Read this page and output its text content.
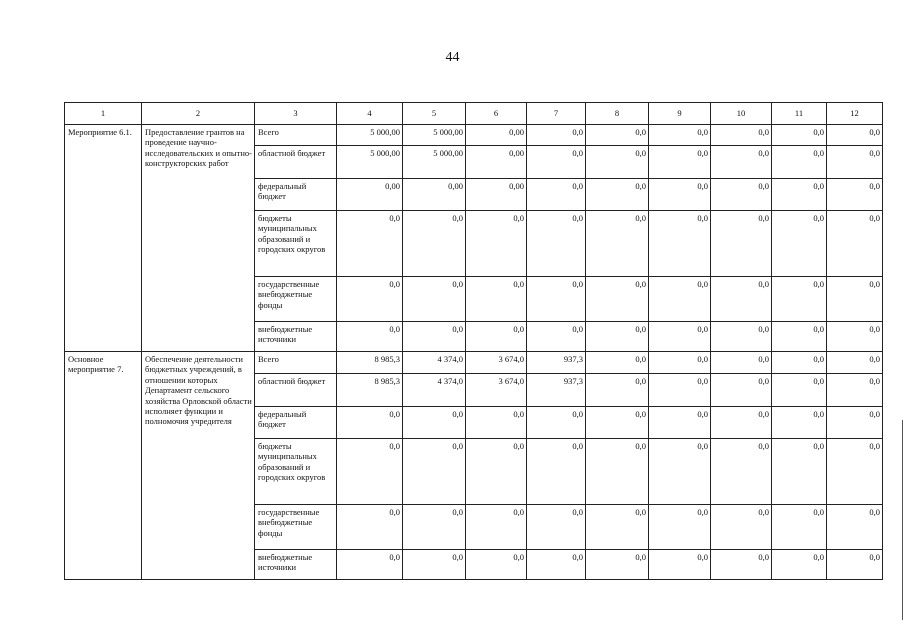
44
1	2	3	4	5	6	7	8	9	10	11	12
Мероприятие 6.1.	Предоставление грантов на проведение научно-исследовательских и опытно-конструкторских работ	Всего	5 000,00	5 000,00	0,00	0,0	0,0	0,0	0,0	0,0	0,0
		областной бюджет	5 000,00	5 000,00	0,00	0,0	0,0	0,0	0,0	0,0	0,0
		федеральный бюджет	0,00	0,00	0,00	0,0	0,0	0,0	0,0	0,0	0,0
		бюджеты муниципальных образований и городских округов	0,0	0,0	0,0	0,0	0,0	0,0	0,0	0,0	0,0
		государственные внебюджетные фонды	0,0	0,0	0,0	0,0	0,0	0,0	0,0	0,0	0,0
		внебюджетные источники	0,0	0,0	0,0	0,0	0,0	0,0	0,0	0,0	0,0
Основное мероприятие 7.	Обеспечение деятельности бюджетных учреждений, в отношении которых Департамент сельского хозяйства Орловской области исполняет функции и полномочия учредителя	Всего	8 985,3	4 374,0	3 674,0	937,3	0,0	0,0	0,0	0,0	0,0
		областной бюджет	8 985,3	4 374,0	3 674,0	937,3	0,0	0,0	0,0	0,0	0,0
		федеральный бюджет	0,0	0,0	0,0	0,0	0,0	0,0	0,0	0,0	0,0
		бюджеты муниципальных образований и городских округов	0,0	0,0	0,0	0,0	0,0	0,0	0,0	0,0	0,0
		государственные внебюджетные фонды	0,0	0,0	0,0	0,0	0,0	0,0	0,0	0,0	0,0
		внебюджетные источники	0,0	0,0	0,0	0,0	0,0	0,0	0,0	0,0	0,0
